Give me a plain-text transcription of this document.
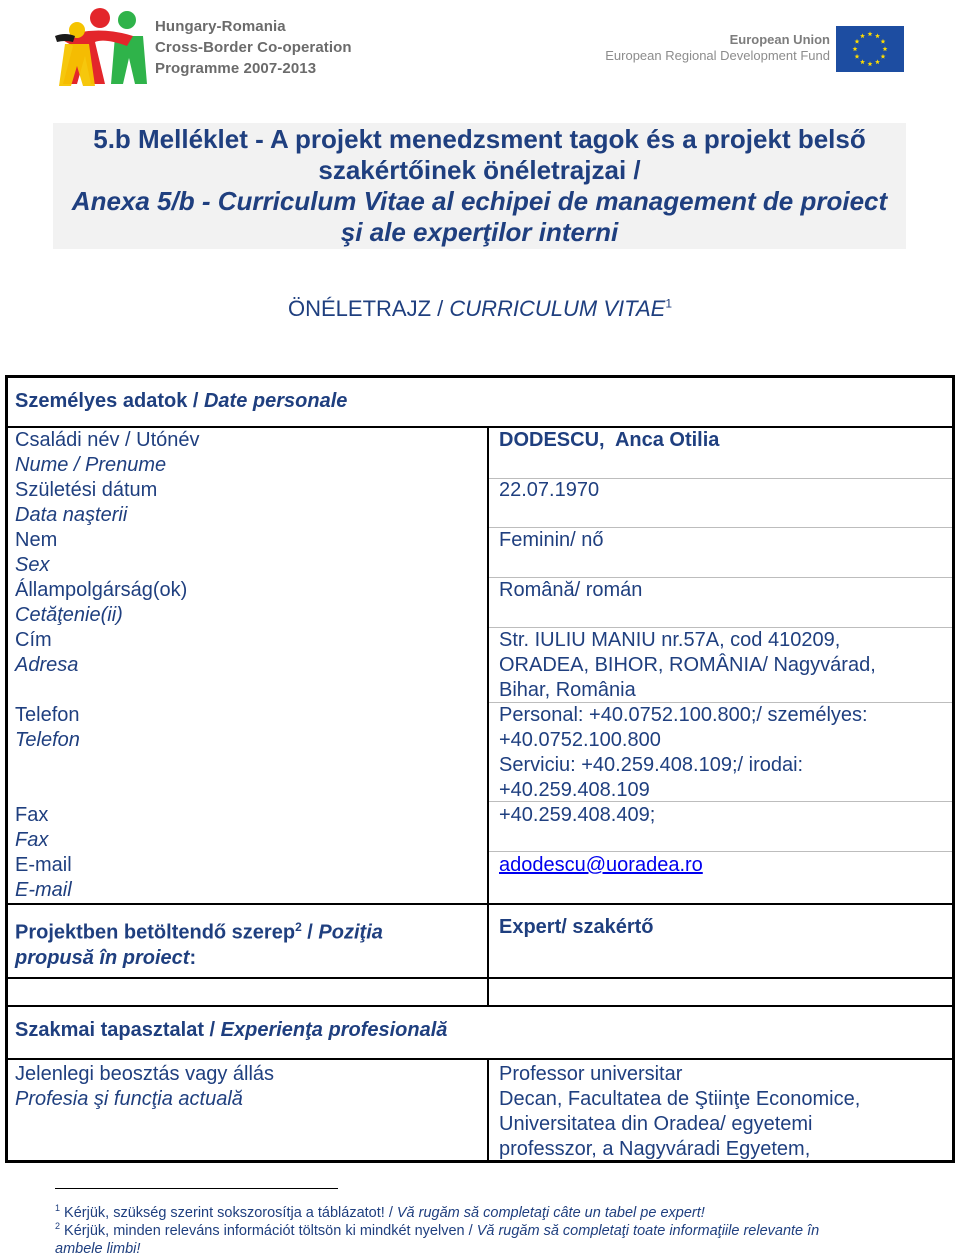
Hungary-Romania
Cross-Border Co-operation
Programme 2007-2013
European Union
European Regional Development Fund
5.b Melléklet - A projekt menedzsment tagok és a projekt belső szakértőinek önéletrajzai /
Anexa 5/b - Curriculum Vitae al echipei de management de proiect şi ale experţilor interni
ÖNÉLETRAJZ / CURRICULUM VITAE$^1$
Személyes adatok / Date personale
Családi név / Utónév
Nume / Prenume
Születési dátum
Data naşterii
Nem
Sex
Állampolgárság(ok)
Cetăţenie(ii)
Cím
Adresa
Telefon
Telefon
Fax
Fax
E-mail
E-mail
Projektben betöltendő szerep$^2$ / Poziţia
propusă în proiect:
DODESCU,  Anca Otilia
22.07.1970
Feminin/ nő
Română/ román
Str. IULIU MANIU nr.57A, cod 410209,
ORADEA, BIHOR, ROMÂNIA/ Nagyvárad,
Bihar, România
Personal: +40.0752.100.800;/ személyes:
+40.0752.100.800
Serviciu: +40.259.408.109;/ irodai:
+40.259.408.109
+40.259.408.409;
adodescu@uoradea.ro
Expert/ szakértő
Szakmai tapasztalat / Experienţa profesională
Jelenlegi beosztás vagy állás
Profesia şi funcţia actuală
Professor universitar
Decan, Facultatea de Ştiinţe Economice,
Universitatea din Oradea/ egyetemi
professzor, a Nagyváradi Egyetem,
$^1$ Kérjük, szükség szerint sokszorosítja a táblázatot! / Vă rugăm să completaţi câte un tabel pe expert!
$^2$ Kérjük, minden releváns információt töltsön ki mindkét nyelven / Vă rugăm să completaţi toate informaţiile relevante în
ambele limbi!
